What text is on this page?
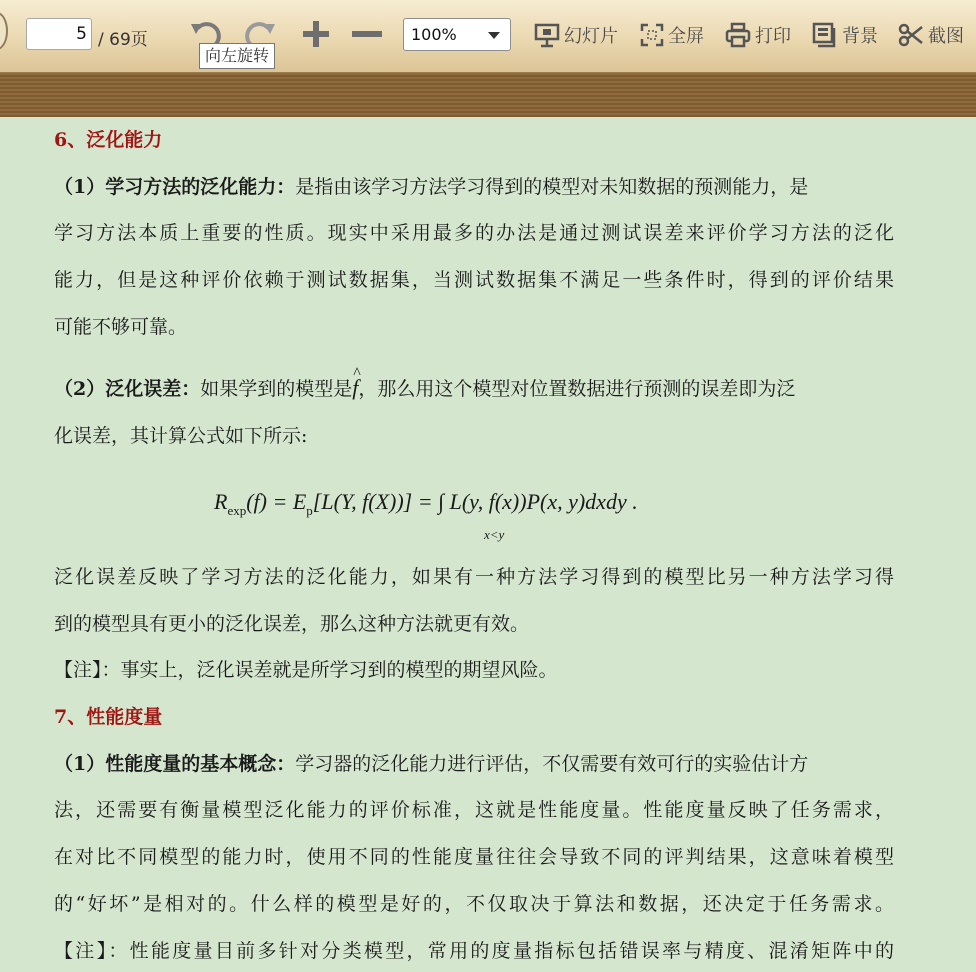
5
/ 69页	100%	幻灯片	全屏	打印	背景	截图
向左旋转
6、泛化能力
（1）学习方法的泛化能力：是指由该学习方法学习得到的模型对未知数据的预测能力，是
学习方法本质上重要的性质。现实中采用最多的办法是通过测试误差来评价学习方法的泛化
能力，但是这种评价依赖于测试数据集，当测试数据集不满足一些条件时，得到的评价结果
可能不够可靠。
（2）泛化误差：如果学到的模型是^ f，那么用这个模型对位置数据进行预测的误差即为泛
化误差，其计算公式如下所示:
$R_{exp}(f) = E_p[L(Y$, f(X))] = ∫ L(y, f(x))P(x, y)dxdy .
x<y
泛化误差反映了学习方法的泛化能力，如果有一种方法学习得到的模型比另一种方法学习得
到的模型具有更小的泛化误差，那么这种方法就更有效。
【注】：事实上，泛化误差就是所学习到的模型的期望风险。
7、性能度量
（1）性能度量的基本概念：学习器的泛化能力进行评估，不仅需要有效可行的实验估计方
法，还需要有衡量模型泛化能力的评价标准，这就是性能度量。性能度量反映了任务需求，
在对比不同模型的能力时，使用不同的性能度量往往会导致不同的评判结果，这意味着模型
的“好坏”是相对的。什么样的模型是好的，不仅取决于算法和数据，还决定于任务需求。
【注】：性能度量目前多针对分类模型，常用的度量指标包括错误率与精度、混淆矩阵中的
